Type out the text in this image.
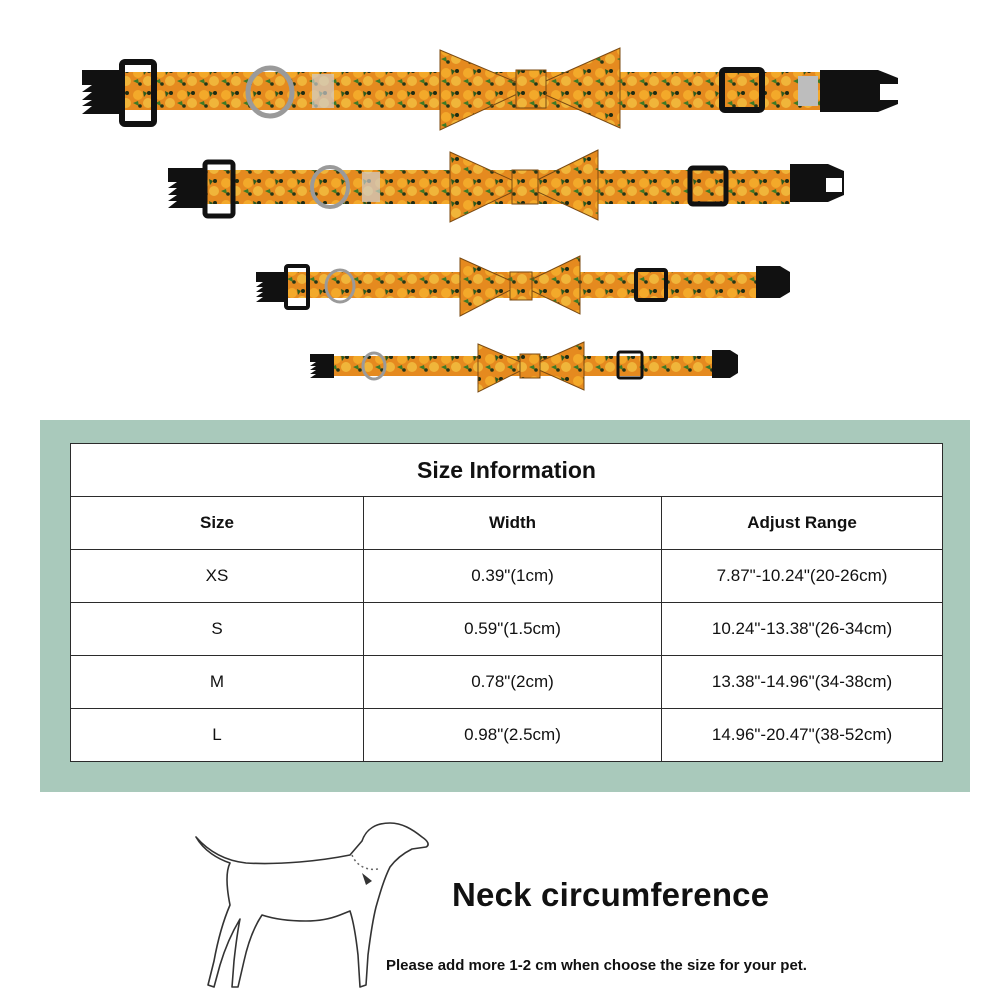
Size Information		
Size	Width	Adjust Range
XS	0.39"(1cm)	7.87"-10.24"(20-26cm)
S	0.59"(1.5cm)	10.24"-13.38"(26-34cm)
M	0.78"(2cm)	13.38"-14.96"(34-38cm)
L	0.98"(2.5cm)	14.96"-20.47"(38-52cm)
Neck circumference
Please add more 1-2 cm when choose the size for your pet.
